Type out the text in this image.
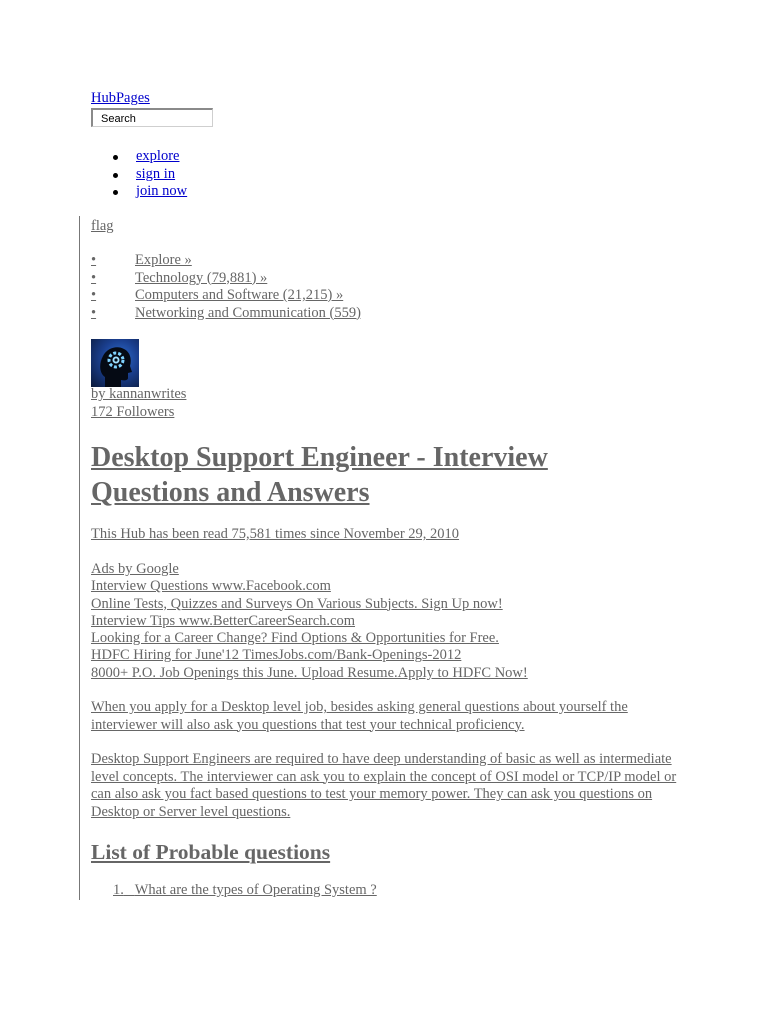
HubPages
Search
explore
sign in
join now
flag
•	Explore »
•	Technology (79,881) »
•	Computers and Software (21,215) »
•	Networking and Communication (559)
by kannanwrites
172 Followers
Desktop Support Engineer - Interview Questions and Answers
This Hub has been read 75,581 times since November 29, 2010
Ads by Google
Interview Questions www.Facebook.com
Online Tests, Quizzes and Surveys On Various Subjects. Sign Up now!
Interview Tips www.BetterCareerSearch.com
Looking for a Career Change? Find Options & Opportunities for Free.
HDFC Hiring for June'12 TimesJobs.com/Bank-Openings-2012
8000+ P.O. Job Openings this June. Upload Resume.Apply to HDFC Now!

When you apply for a Desktop level job, besides asking general questions about yourself the interviewer will also ask you questions that test your technical proficiency.

Desktop Support Engineers are required to have deep understanding of basic as well as intermediate level concepts. The interviewer can ask you to explain the concept of OSI model or TCP/IP model or can also ask you fact based questions to test your memory power. They can ask you questions on Desktop or Server level questions.

List of Probable questions
1. What are the types of Operating System ?
